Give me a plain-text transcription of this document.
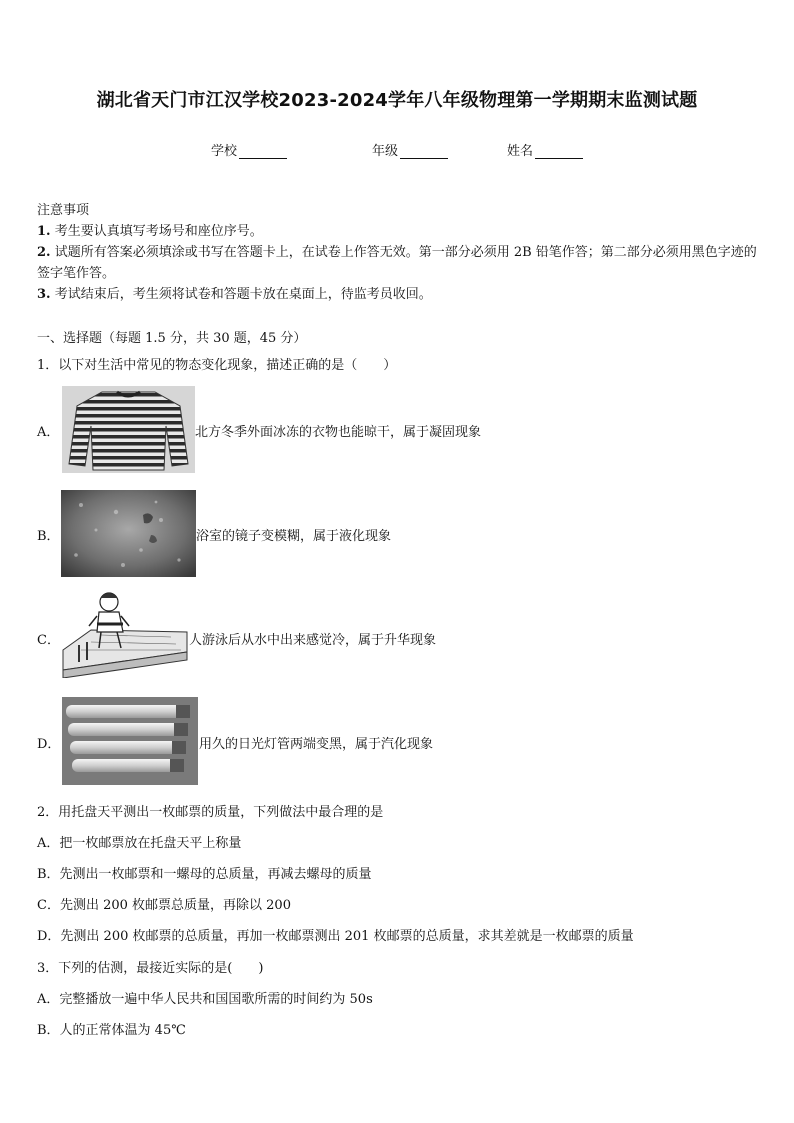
湖北省天门市江汉学校2023-2024学年八年级物理第一学期期末监测试题
学校	年级	姓名
注意事项
1. 考生要认真填写考场号和座位序号。
2. 试题所有答案必须填涂或书写在答题卡上，在试卷上作答无效。第一部分必须用 2B 铅笔作答；第二部分必须用黑色字迹的签字笔作答。
3. 考试结束后，考生须将试卷和答题卡放在桌面上，待监考员收回。
一、选择题（每题 1.5 分，共 30 题，45 分）
1．以下对生活中常见的物态变化现象，描述正确的是（　　）
A．	北方冬季外面冰冻的衣物也能晾干，属于凝固现象
B．	浴室的镜子变模糊，属于液化现象
C．	人游泳后从水中出来感觉冷，属于升华现象
D．	用久的日光灯管两端变黑，属于汽化现象
2．用托盘天平测出一枚邮票的质量，下列做法中最合理的是
A．把一枚邮票放在托盘天平上称量
B．先测出一枚邮票和一螺母的总质量，再减去螺母的质量
C．先测出 200 枚邮票总质量，再除以 200
D．先测出 200 枚邮票的总质量，再加一枚邮票测出 201 枚邮票的总质量，求其差就是一枚邮票的质量
3．下列的估测，最接近实际的是(　　)
A．完整播放一遍中华人民共和国国歌所需的时间约为 50s
B．人的正常体温为 45℃
